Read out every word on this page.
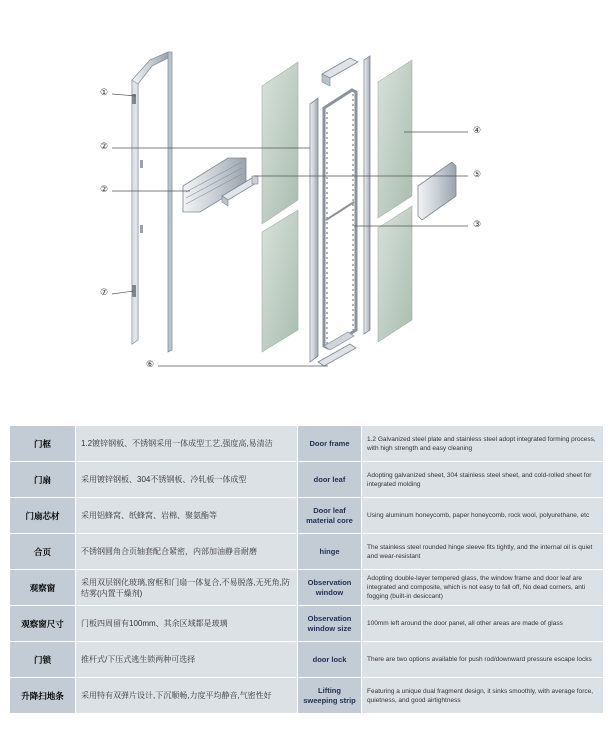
①
②
②
⑦
④
⑤
③
⑥
门框	1.2镀锌钢板、不锈钢采用一体成型工艺,强度高,易清洁	Door frame	1.2 Galvanized steel plate and stainless steel adopt integrated forming process, with high strength and easy cleaning
门扇	采用镀锌钢板、304不锈钢板、冷轧板一体成型	door leaf	Adopting galvanized sheet, 304 stainless steel sheet, and cold-rolled sheet for integrated molding
门扇芯材	采用铝蜂窝、纸蜂窝、岩棉、聚氨酯等	Door leaf material core	Using aluminum honeycomb, paper honeycomb, rock wool, polyurethane, etc
合页	不锈钢圆角合页轴套配合紧密，内部加油静音耐磨	hinge	The stainless steel rounded hinge sleeve fits tightly, and the internal oil is quiet and wear-resistant
观察窗	采用双层钢化玻璃,窗框和门扇一体复合,不易脱落,无死角,防结雾(内置干燥剂)	Observation window	Adopting double-layer tempered glass, the window frame and door leaf are integrated and composite, which is not easy to fall off, No dead corners, anti fogging (built-in desiccant)
观察窗尺寸	门板四周留有100mm、其余区域都是玻璃	Observation window size	100mm left around the door panel, all other areas are made of glass
门锁	推杆式/下压式逃生锁两种可选择	door lock	There are two options available for push rod/downward pressure escape locks
升降扫地条	采用特有双弹片设计,下沉顺畅,力度平均静音,气密性好	Lifting sweeping strip	Featuring a unique dual fragment design, it sinks smoothly, with average force, quietness, and good airtightness
